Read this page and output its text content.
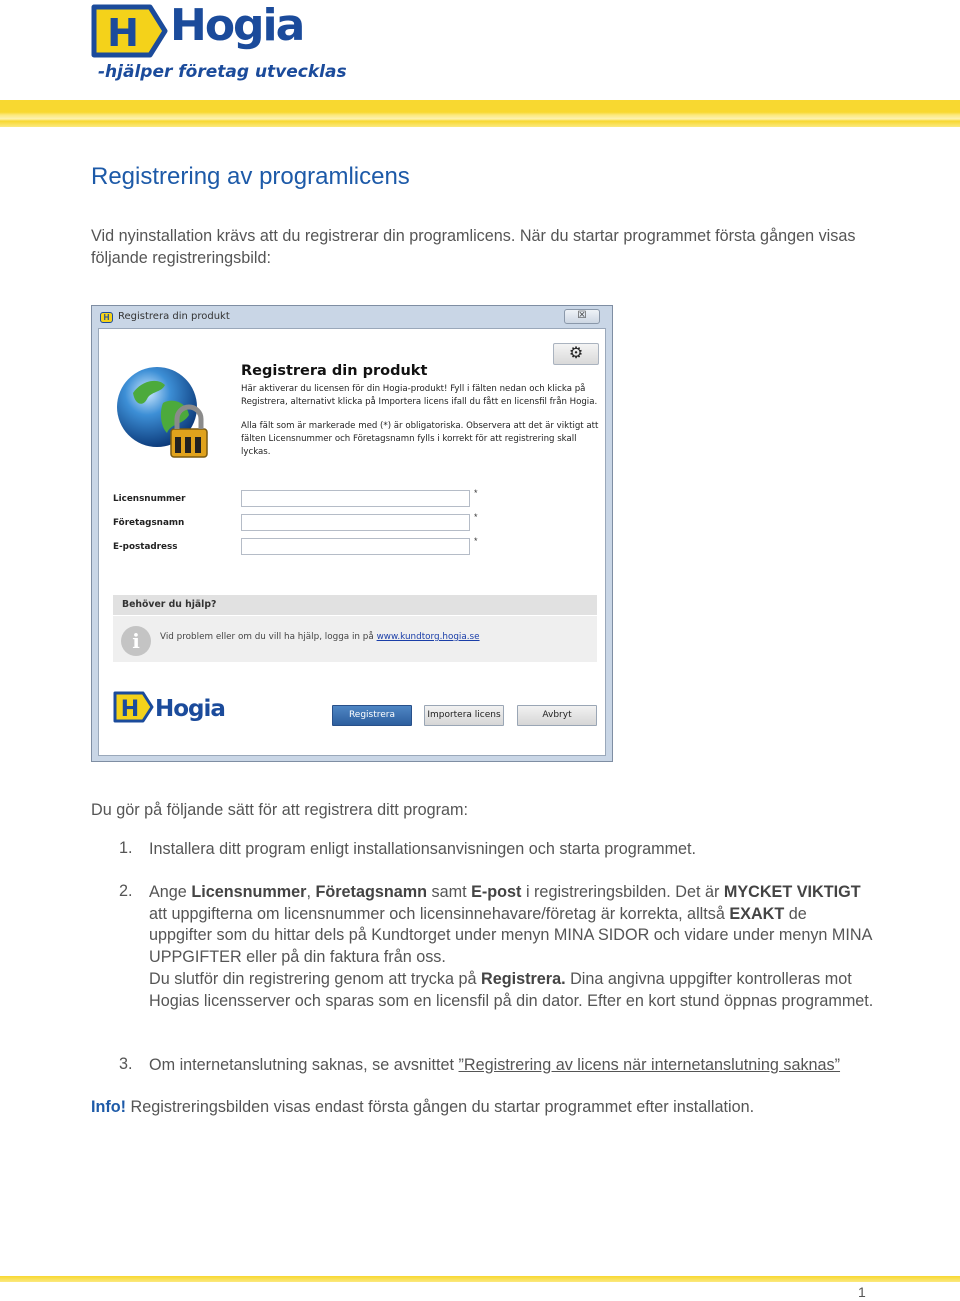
H Hogia
-hjälper företag utvecklas
Registrering av programlicens

Vid nyinstallation krävs att du registrerar din programlicens. När du startar programmet första gången visas följande registreringsbild:

H Registrera din produkt	☒
⚙
Registrera din produkt
Här aktiverar du licensen för din Hogia-produkt! Fyll i fälten nedan och klicka på Registrera, alternativt klicka på Importera licens ifall du fått en licensfil från Hogia.
Alla fält som är markerade med (*) är obligatoriska. Observera att det är viktigt att fälten Licensnummer och Företagsnamn fylls i korrekt för att registrering skall lyckas.
Licensnummer
*
Företagsnamn
*
E-postadress
*
Behöver du hjälp?
i	Vid problem eller om du vill ha hjälp, logga in på www.kundtorg.hogia.se
H Hogia	Registrera	Importera licens	Avbryt

Du gör på följande sätt för att registrera ditt program:

1. Installera ditt program enligt installationsanvisningen och starta programmet.

2. Ange Licensnummer, Företagsnamn samt E-post i registreringsbilden. Det är MYCKET VIKTIGT att uppgifterna om licensnummer och licensinnehavare/företag är korrekta, alltså EXAKT de uppgifter som du hittar dels på Kundtorget under menyn MINA SIDOR och vidare under menyn MINA UPPGIFTER eller på din faktura från oss.
Du slutför din registrering genom att trycka på Registrera. Dina angivna uppgifter kontrolleras mot Hogias licensserver och sparas som en licensfil på din dator. Efter en kort stund öppnas programmet.

3. Om internetanslutning saknas, se avsnittet ”Registrering av licens när internetanslutning saknas”

Info! Registreringsbilden visas endast första gången du startar programmet efter installation.

1
